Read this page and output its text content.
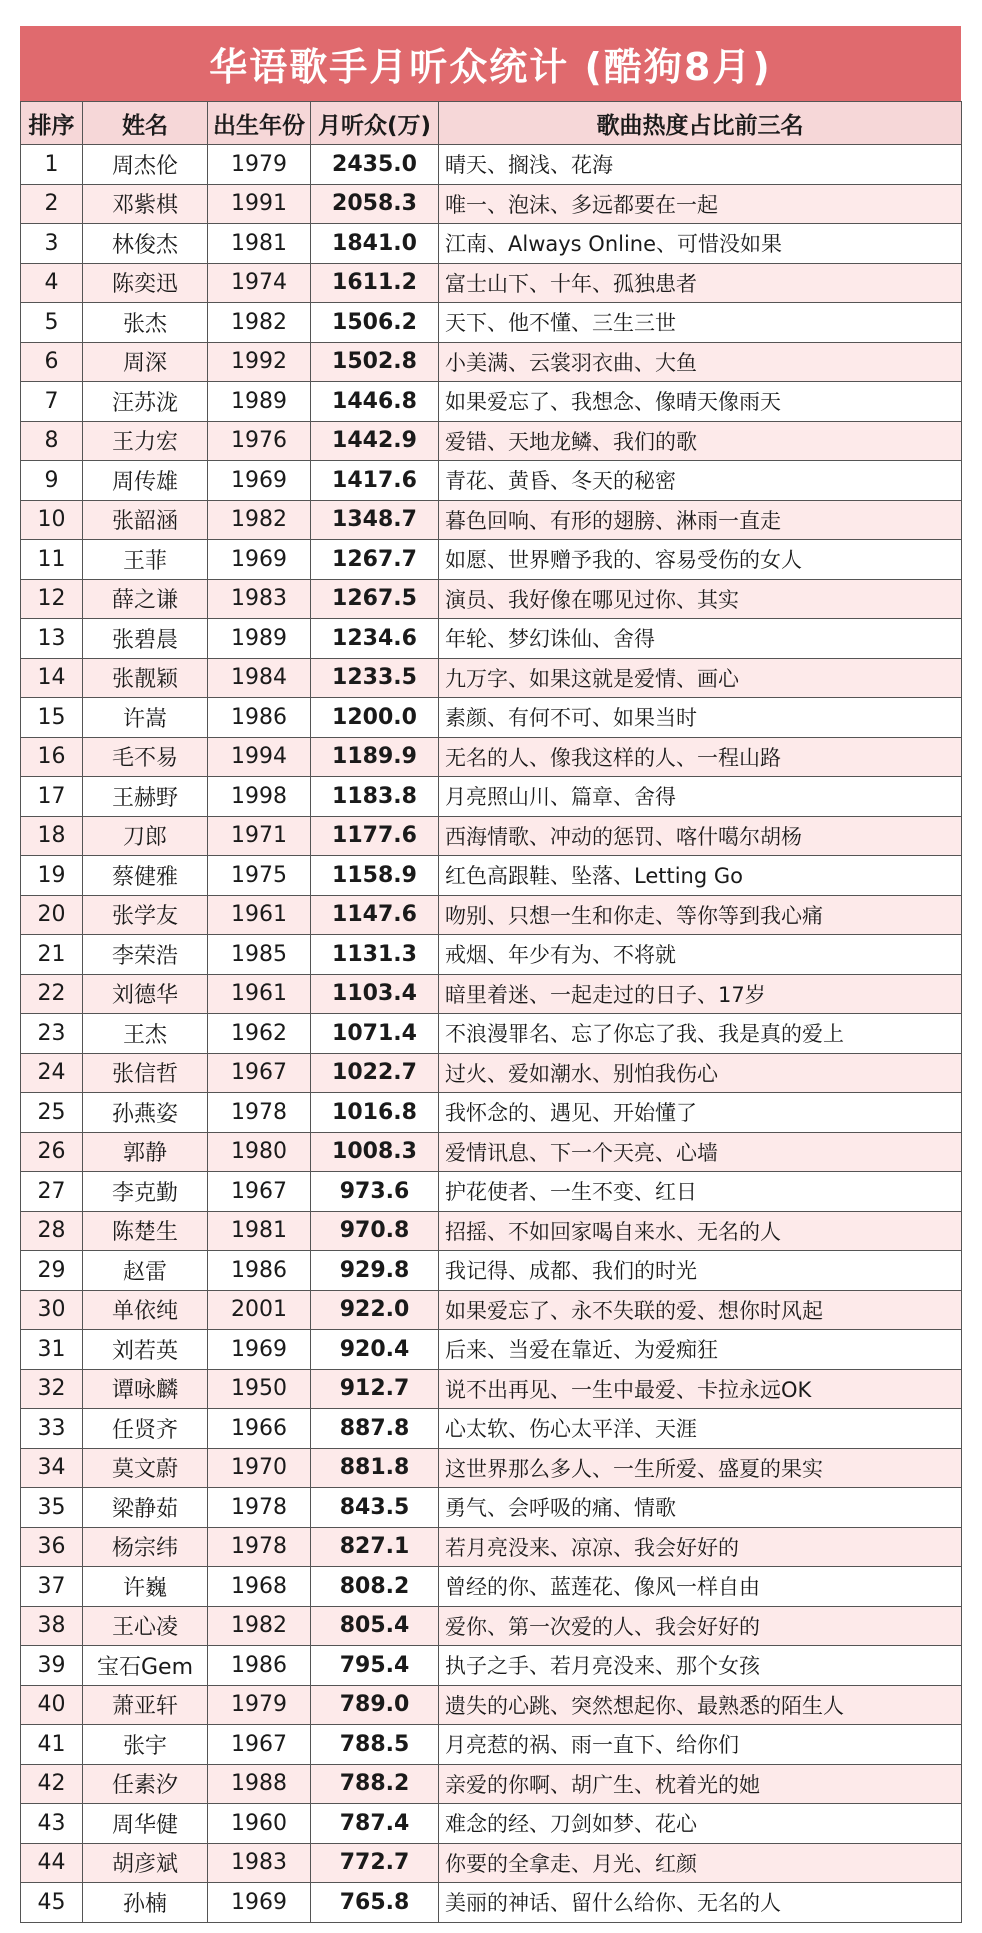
华语歌手月听众统计 (酷狗8月)
排序	姓名	出生年份	月听众(万)	歌曲热度占比前三名
1	周杰伦	1979	2435.0	晴天、搁浅、花海
2	邓紫棋	1991	2058.3	唯一、泡沫、多远都要在一起
3	林俊杰	1981	1841.0	江南、Always Online、可惜没如果
4	陈奕迅	1974	1611.2	富士山下、十年、孤独患者
5	张杰	1982	1506.2	天下、他不懂、三生三世
6	周深	1992	1502.8	小美满、云裳羽衣曲、大鱼
7	汪苏泷	1989	1446.8	如果爱忘了、我想念、像晴天像雨天
8	王力宏	1976	1442.9	爱错、天地龙鳞、我们的歌
9	周传雄	1969	1417.6	青花、黄昏、冬天的秘密
10	张韶涵	1982	1348.7	暮色回响、有形的翅膀、淋雨一直走
11	王菲	1969	1267.7	如愿、世界赠予我的、容易受伤的女人
12	薛之谦	1983	1267.5	演员、我好像在哪见过你、其实
13	张碧晨	1989	1234.6	年轮、梦幻诛仙、舍得
14	张靓颖	1984	1233.5	九万字、如果这就是爱情、画心
15	许嵩	1986	1200.0	素颜、有何不可、如果当时
16	毛不易	1994	1189.9	无名的人、像我这样的人、一程山路
17	王赫野	1998	1183.8	月亮照山川、篇章、舍得
18	刀郎	1971	1177.6	西海情歌、冲动的惩罚、喀什噶尔胡杨
19	蔡健雅	1975	1158.9	红色高跟鞋、坠落、Letting Go
20	张学友	1961	1147.6	吻别、只想一生和你走、等你等到我心痛
21	李荣浩	1985	1131.3	戒烟、年少有为、不将就
22	刘德华	1961	1103.4	暗里着迷、一起走过的日子、17岁
23	王杰	1962	1071.4	不浪漫罪名、忘了你忘了我、我是真的爱上
24	张信哲	1967	1022.7	过火、爱如潮水、别怕我伤心
25	孙燕姿	1978	1016.8	我怀念的、遇见、开始懂了
26	郭静	1980	1008.3	爱情讯息、下一个天亮、心墙
27	李克勤	1967	973.6	护花使者、一生不变、红日
28	陈楚生	1981	970.8	招摇、不如回家喝自来水、无名的人
29	赵雷	1986	929.8	我记得、成都、我们的时光
30	单依纯	2001	922.0	如果爱忘了、永不失联的爱、想你时风起
31	刘若英	1969	920.4	后来、当爱在靠近、为爱痴狂
32	谭咏麟	1950	912.7	说不出再见、一生中最爱、卡拉永远OK
33	任贤齐	1966	887.8	心太软、伤心太平洋、天涯
34	莫文蔚	1970	881.8	这世界那么多人、一生所爱、盛夏的果实
35	梁静茹	1978	843.5	勇气、会呼吸的痛、情歌
36	杨宗纬	1978	827.1	若月亮没来、凉凉、我会好好的
37	许巍	1968	808.2	曾经的你、蓝莲花、像风一样自由
38	王心凌	1982	805.4	爱你、第一次爱的人、我会好好的
39	宝石Gem	1986	795.4	执子之手、若月亮没来、那个女孩
40	萧亚轩	1979	789.0	遗失的心跳、突然想起你、最熟悉的陌生人
41	张宇	1967	788.5	月亮惹的祸、雨一直下、给你们
42	任素汐	1988	788.2	亲爱的你啊、胡广生、枕着光的她
43	周华健	1960	787.4	难念的经、刀剑如梦、花心
44	胡彦斌	1983	772.7	你要的全拿走、月光、红颜
45	孙楠	1969	765.8	美丽的神话、留什么给你、无名的人
